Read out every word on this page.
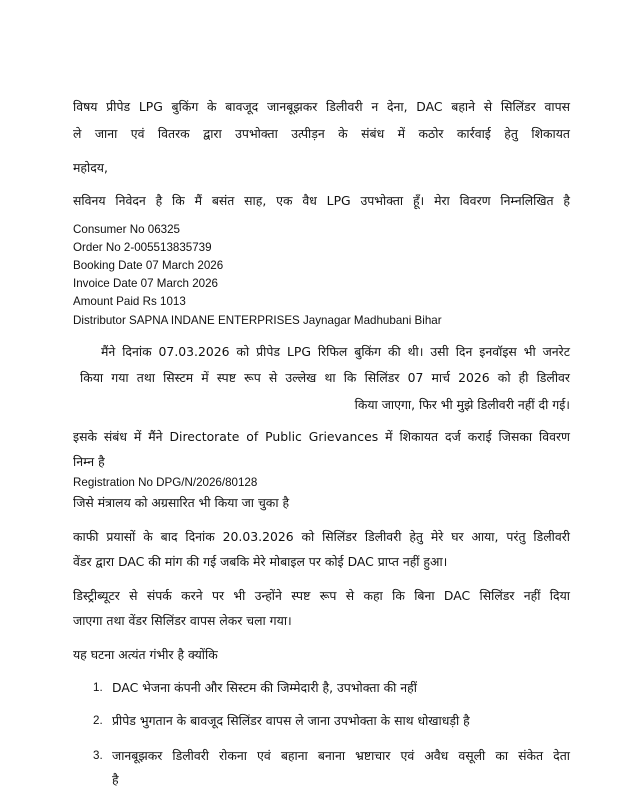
विषय प्रीपेड LPG बुकिंग के बावजूद जानबूझकर डिलीवरी न देना, DAC बहाने से सिलिंडर वापस
ले जाना एवं वितरक द्वारा उपभोक्ता उत्पीड़न के संबंध में कठोर कार्रवाई हेतु शिकायत
महोदय,
सविनय निवेदन है कि मैं बसंत साह, एक वैध LPG उपभोक्ता हूँ। मेरा विवरण निम्नलिखित है
Consumer No 06325
Order No 2-005513835739
Booking Date 07 March 2026
Invoice Date 07 March 2026
Amount Paid Rs 1013
Distributor SAPNA INDANE ENTERPRISES Jaynagar Madhubani Bihar
मैंने दिनांक 07.03.2026 को प्रीपेड LPG रिफिल बुकिंग की थी। उसी दिन इनवॉइस भी जनरेट
किया गया तथा सिस्टम में स्पष्ट रूप से उल्लेख था कि सिलिंडर 07 मार्च 2026 को ही डिलीवर
किया जाएगा, फिर भी मुझे डिलीवरी नहीं दी गई।
इसके संबंध में मैंने Directorate of Public Grievances में शिकायत दर्ज कराई जिसका विवरण
निम्न है
Registration No DPG/N/2026/80128
जिसे मंत्रालय को अग्रसारित भी किया जा चुका है
काफी प्रयासों के बाद दिनांक 20.03.2026 को सिलिंडर डिलीवरी हेतु मेरे घर आया, परंतु डिलीवरी
वेंडर द्वारा DAC की मांग की गई जबकि मेरे मोबाइल पर कोई DAC प्राप्त नहीं हुआ।
डिस्ट्रीब्यूटर से संपर्क करने पर भी उन्होंने स्पष्ट रूप से कहा कि बिना DAC सिलिंडर नहीं दिया
जाएगा तथा वेंडर सिलिंडर वापस लेकर चला गया।
यह घटना अत्यंत गंभीर है क्योंकि
1. DAC भेजना कंपनी और सिस्टम की जिम्मेदारी है, उपभोक्ता की नहीं
2. प्रीपेड भुगतान के बावजूद सिलिंडर वापस ले जाना उपभोक्ता के साथ धोखाधड़ी है
3. जानबूझकर डिलीवरी रोकना एवं बहाना बनाना भ्रष्टाचार एवं अवैध वसूली का संकेत देता
है
